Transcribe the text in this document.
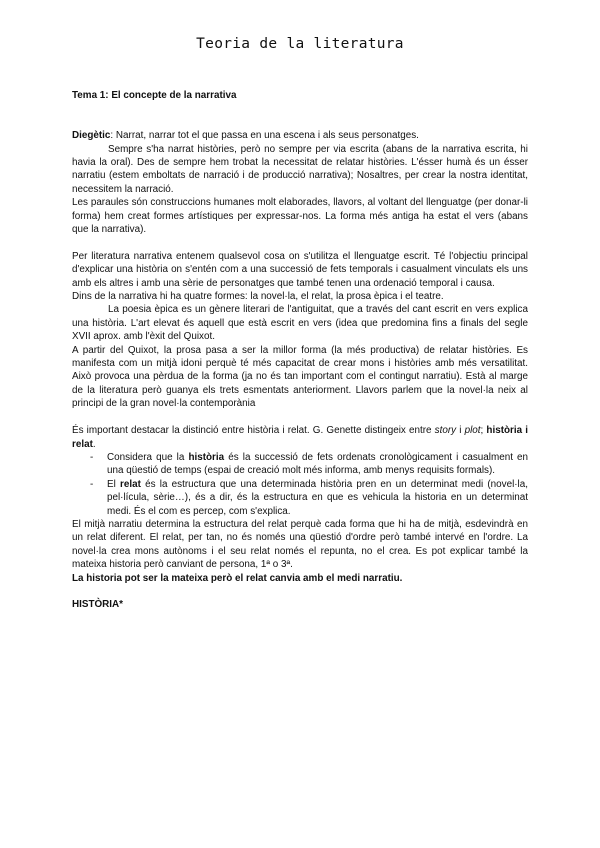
Teoria de la literatura

Tema 1: El concepte de la narrativa

Diegètic: Narrat, narrar tot el que passa en una escena i als seus personatges.

Sempre s'ha narrat històries, però no sempre per via escrita (abans de la narrativa escrita, hi havia la oral). Des de sempre hem trobat la necessitat de relatar històries. L'ésser humà és un ésser narratiu (estem emboltats de narració i de producció narrativa); Nosaltres, per crear la nostra identitat, necessitem la narració.

Les paraules són construccions humanes molt elaborades, llavors, al voltant del llenguatge (per donar-li forma) hem creat formes artístiques per expressar-nos. La forma més antiga ha estat el vers (abans que la narrativa).

Per literatura narrativa entenem qualsevol cosa on s'utilitza el llenguatge escrit. Té l'objectiu principal d'explicar una història on s'entén com a una successió de fets temporals i casualment vinculats els uns amb els altres i amb una sèrie de personatges que també tenen una ordenació temporal i causa.

Dins de la narrativa hi ha quatre formes: la novel·la, el relat, la prosa èpica i el teatre.

La poesia èpica es un gènere literari de l'antiguitat, que a través del cant escrit en vers explica una història. L'art elevat és aquell que està escrit en vers (idea que predomina fins a finals del segle XVII aprox. amb l'èxit del Quixot.

A partir del Quixot, la prosa pasa a ser la millor forma (la més productiva) de relatar històries. Es manifesta com un mitjà idoni perquè té més capacitat de crear mons i històries amb més versatilitat. Això provoca una pèrdua de la forma (ja no és tan important com el contingut narratiu). Està al marge de la literatura però guanya els trets esmentats anteriorment. Llavors parlem que la novel·la neix al principi de la gran novel·la contemporània

És important destacar la distinció entre història i relat. G. Genette distingeix entre story i plot; història i relat.

- Considera que la història és la successió de fets ordenats cronològicament i casualment en una qüestió de temps (espai de creació molt més informa, amb menys requisits formals).
- El relat és la estructura que una determinada història pren en un determinat medi (novel·la, pel·lícula, sèrie…), és a dir, és la estructura en que es vehicula la historia en un determinat medi. És el com es percep, com s'explica.

El mitjà narratiu determina la estructura del relat perquè cada forma que hi ha de mitjà, esdevindrà en un relat diferent. El relat, per tan, no és només una qüestió d'ordre però també intervé en l'ordre. La novel·la crea mons autònoms i el seu relat només el repunta, no el crea. Es pot explicar també la mateixa historia però canviant de persona, 1ª o 3ª.

La historia pot ser la mateixa però el relat canvia amb el medi narratiu.

HISTÒRIA*
